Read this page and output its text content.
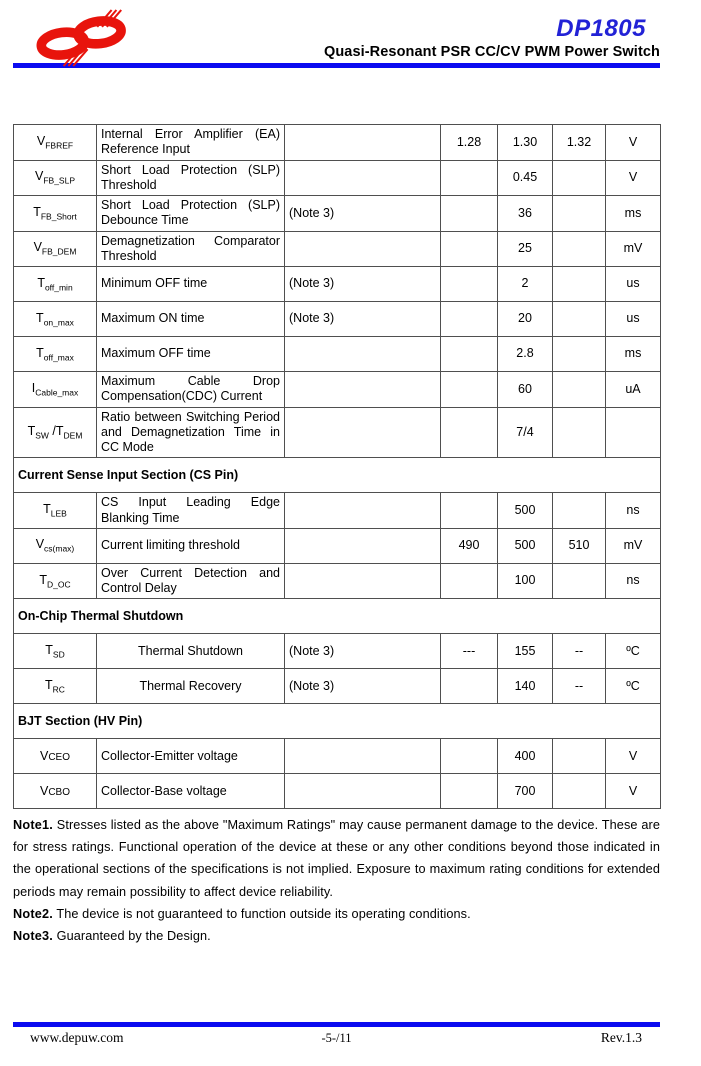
DP1805
Quasi-Resonant PSR CC/CV PWM Power Switch
$V_{FBREF}$	Internal Error Amplifier (EA) Reference Input		1.28	1.30	1.32	V
$V_{FB\_SLP}$	Short Load Protection (SLP) Threshold			0.45		V
$T_{FB\_Short}$	Short Load Protection (SLP) Debounce Time	(Note 3)		36		ms
$V_{FB\_DEM}$	Demagnetization Comparator Threshold			25		mV
$T_{off\_min}$	Minimum OFF time	(Note 3)		2		us
$T_{on\_max}$	Maximum ON time	(Note 3)		20		us
$T_{off\_max}$	Maximum OFF time			2.8		ms
$I_{Cable\_max}$	Maximum Cable Drop Compensation(CDC) Current			60		uA
$T_{SW}$ $/T_{DEM}$	Ratio between Switching Period and Demagnetization Time in CC Mode			7/4		
Current Sense Input Section (CS Pin)						
$T_{LEB}$	CS Input Leading Edge Blanking Time			500		ns
$V_{cs(max)}$	Current limiting threshold		490	500	510	mV
$T_{D\_OC}$	Over Current Detection and Control Delay			100		ns
On-Chip Thermal Shutdown						
$T_{SD}$	Thermal Shutdown	(Note 3)	---	155	--	ºC
$T_{RC}$	Thermal Recovery	(Note 3)		140	--	ºC
BJT Section (HV Pin)						
VCEO	Collector-Emitter voltage			400		V
VCBO	Collector-Base voltage			700		V

Note1. Stresses listed as the above "Maximum Ratings" may cause permanent damage to the device. These are for stress ratings. Functional operation of the device at these or any other conditions beyond those indicated in the operational sections of the specifications is not implied. Exposure to maximum rating conditions for extended periods may remain possibility to affect device reliability.

Note2. The device is not guaranteed to function outside its operating conditions.

Note3. Guaranteed by the Design.

www.depuw.com	-5-/11	Rev.1.3
